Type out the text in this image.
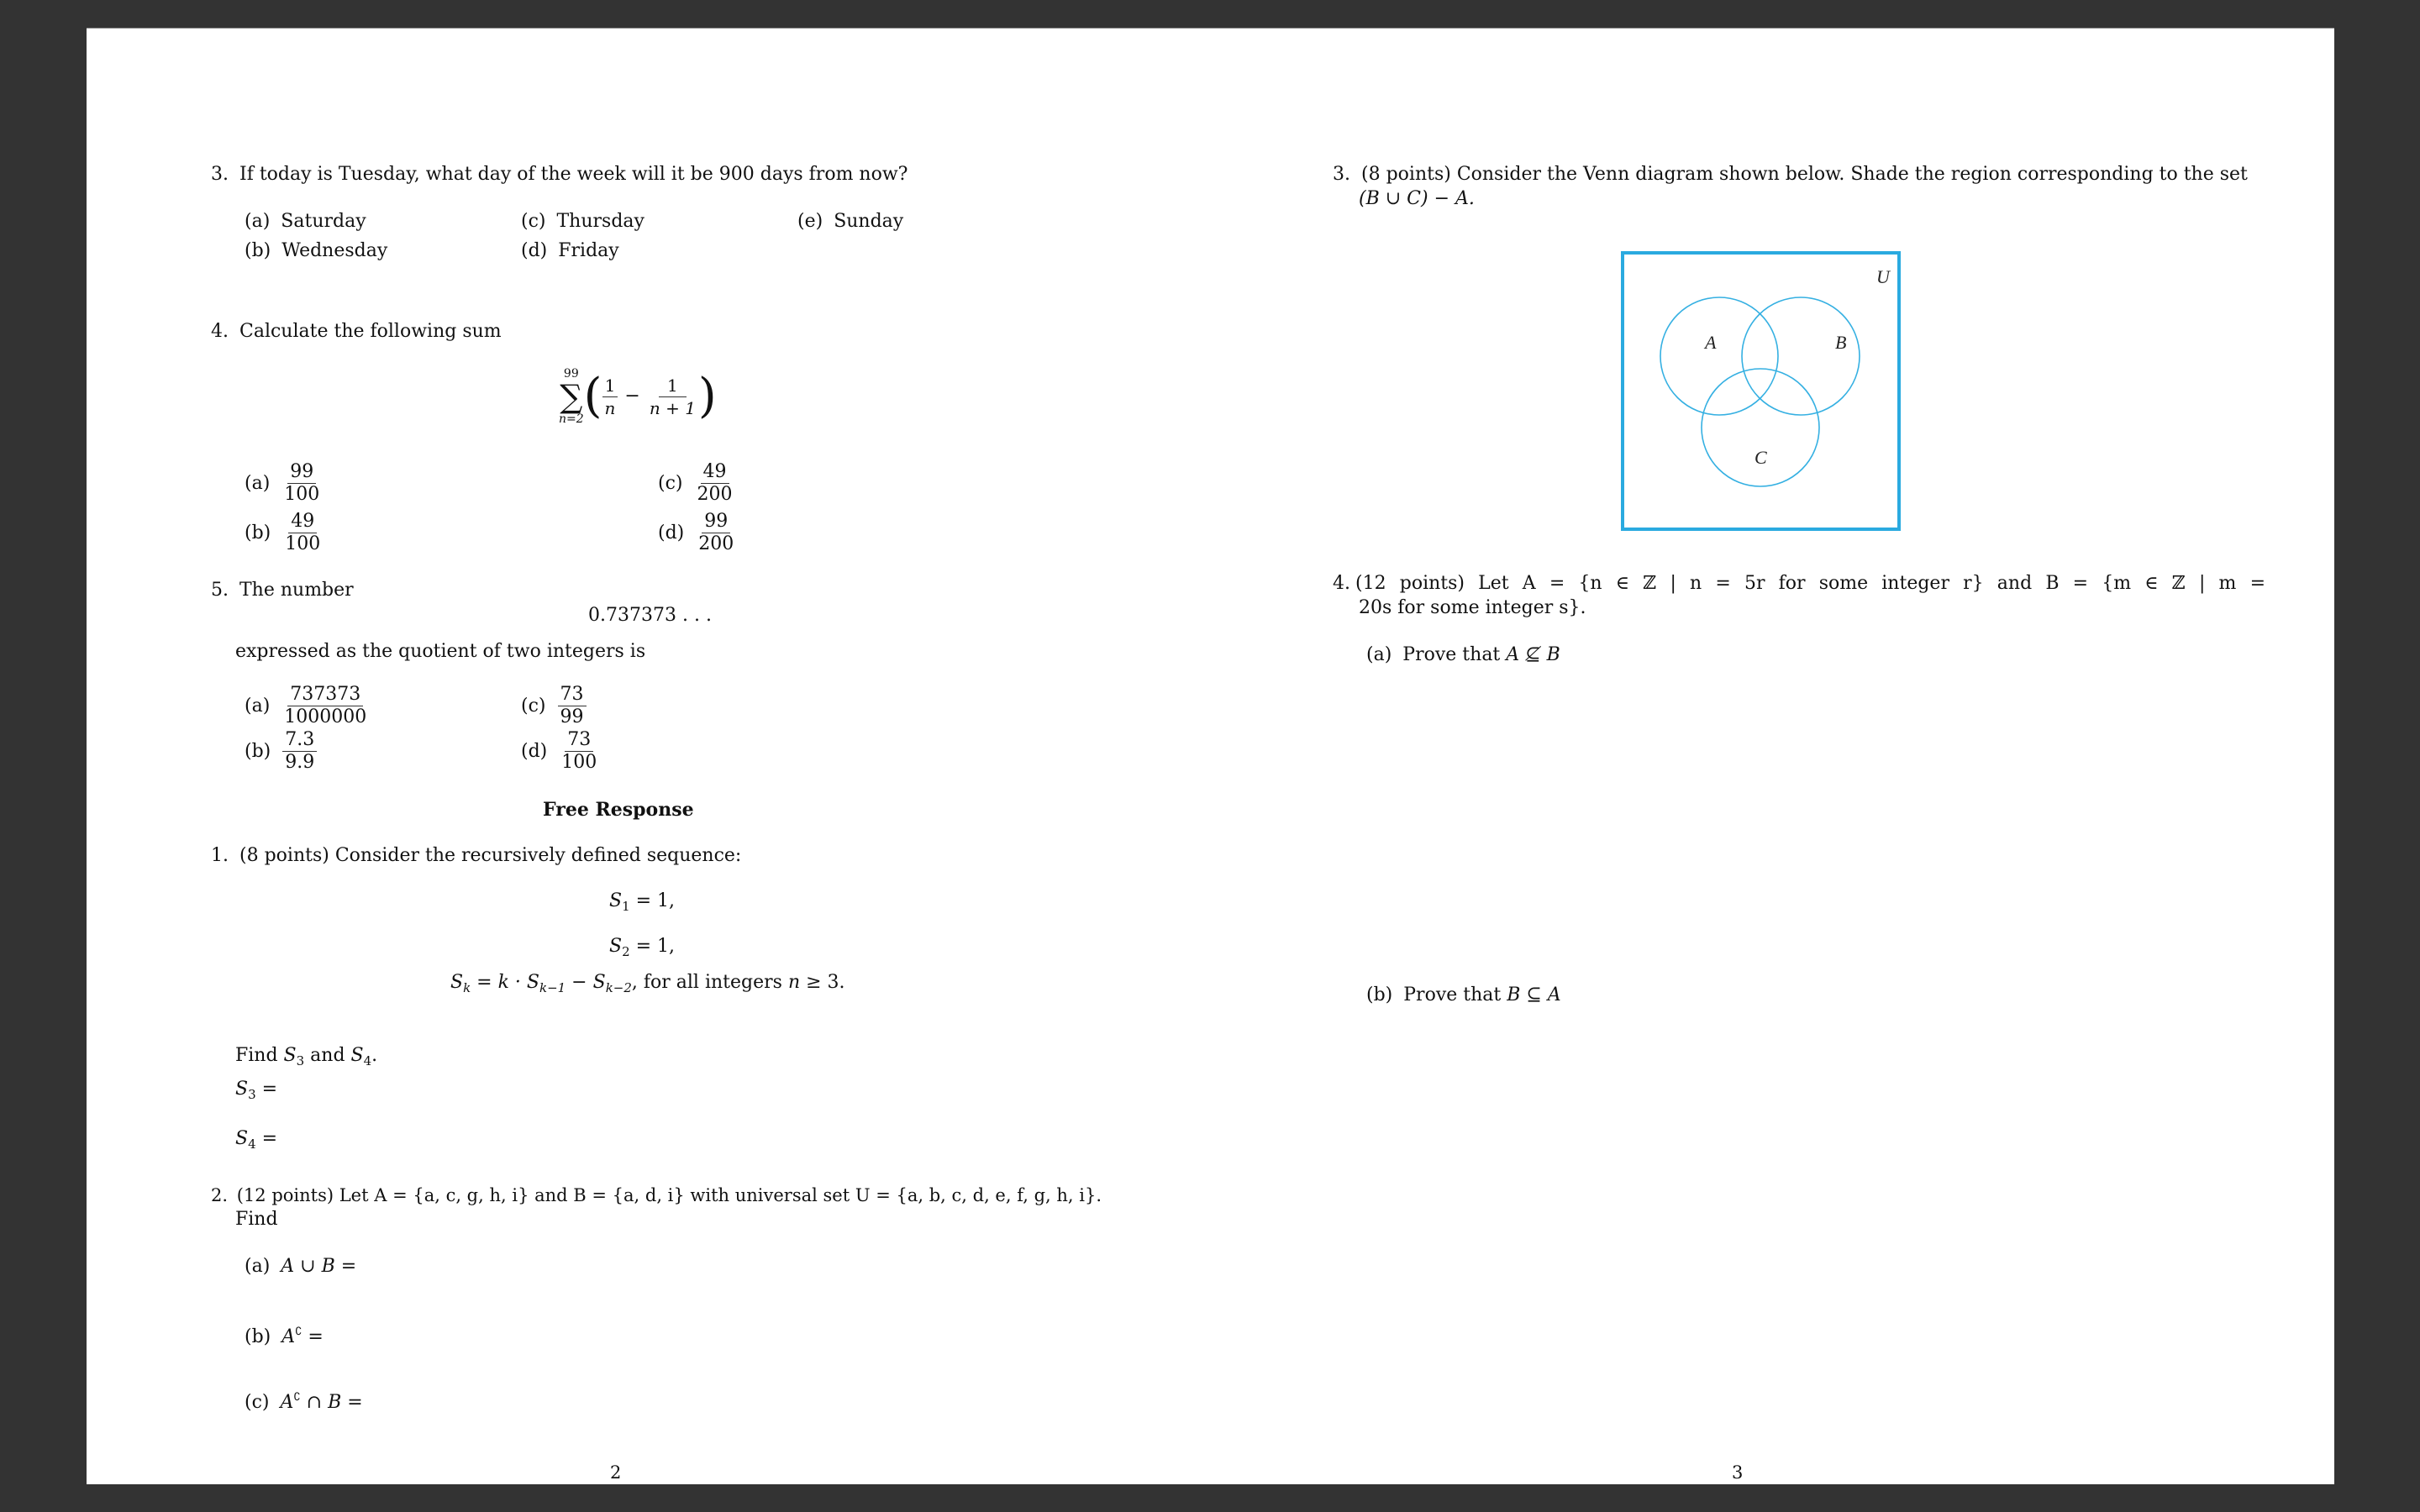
3. If today is Tuesday, what day of the week will it be 900 days from now?
(a) Saturday
(b) Wednesday
(c) Thursday
(d) Friday
(e) Sunday
4. Calculate the following sum
99
∑
n=2 ( $\frac{1}{n} - \frac{1}{n + 1}$ )
$(a) \frac{99}{100}$
$(b) \frac{49}{100}$
$(c) \frac{49}{200}$
$(d) \frac{99}{200}$
5. The number
0.737373 . . .
expressed as the quotient of two integers is
$(a) \frac{737373}{1000000}$
$(b) \frac{7.3}{9.9}$
$(c) \frac{73}{99}$
$(d) \frac{73}{100}$
Free Response
1. (8 points) Consider the recursively defined sequence:
$S_1 = 1$,
$S_2 = 1$,
$S_k = k \cdot S_{k-1} - S_{k-2}$, for all integers n ≥ 3.
Find $S_3$ and $S_4$.
$S_3$ =
$S_4$ =
2. (12 points) Let A = {a, c, g, h, i} and B = {a, d, i} with universal set U = {a, b, c, d, e, f, g, h, i}.
Find
(a) A ∪ B =
(b) A∁ =
(c) A∁ ∩ B =
2
3. (8 points) Consider the Venn diagram shown below. Shade the region corresponding to the set
(B ∪ C) − A.
U
A	B
C
4. (12 points) Let A = {n ∈ ℤ | n = 5r for some integer r} and B = {m ∈ ℤ | m =
20s for some integer s}.
(a) Prove that A ⊈ B
(b) Prove that B ⊆ A
3
